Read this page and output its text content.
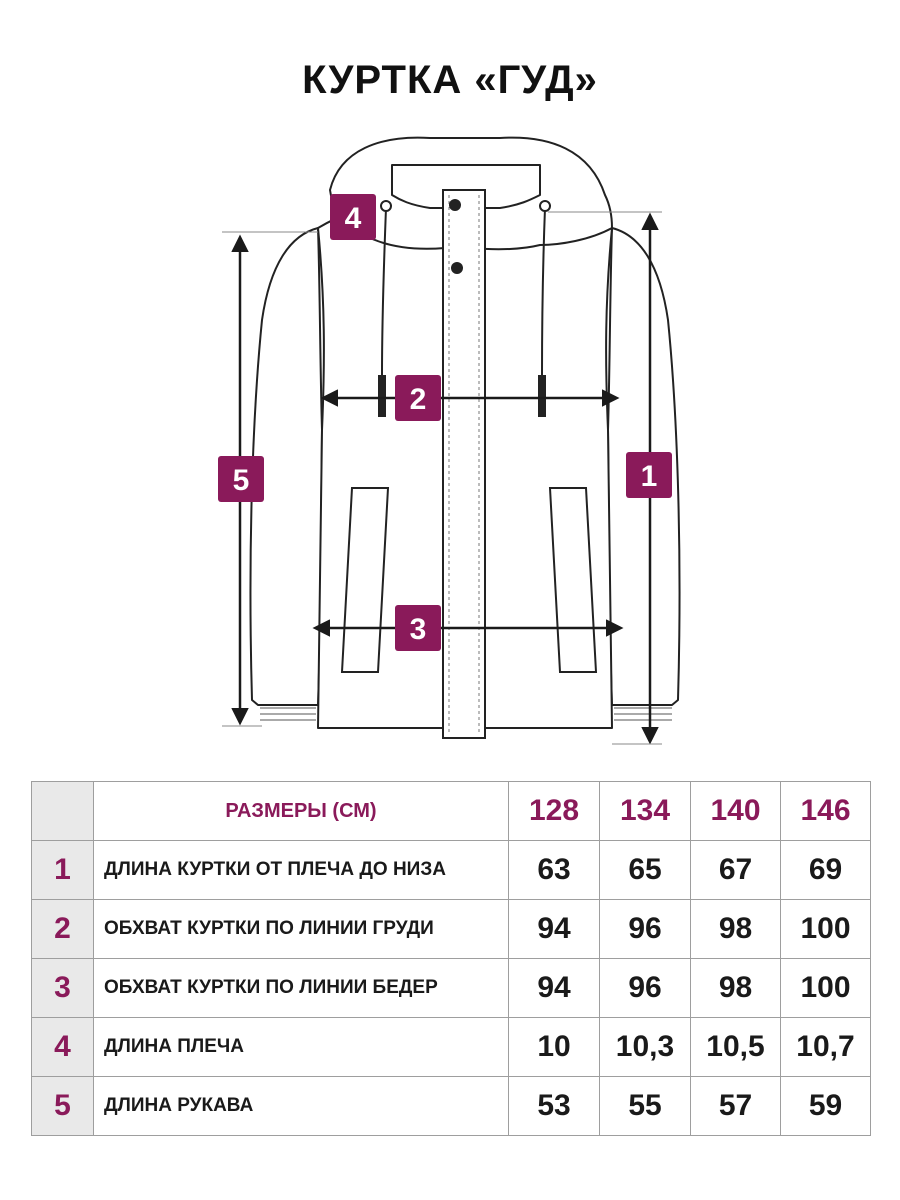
КУРТКА «ГУД»
1
2
3
4
5
	РАЗМЕРЫ (СМ)	128	134	140	146
1	ДЛИНА КУРТКИ ОТ ПЛЕЧА ДО НИЗА	63	65	67	69
2	ОБХВАТ КУРТКИ ПО ЛИНИИ ГРУДИ	94	96	98	100
3	ОБХВАТ КУРТКИ ПО ЛИНИИ БЕДЕР	94	96	98	100
4	ДЛИНА ПЛЕЧА	10	10,3	10,5	10,7
5	ДЛИНА РУКАВА	53	55	57	59
